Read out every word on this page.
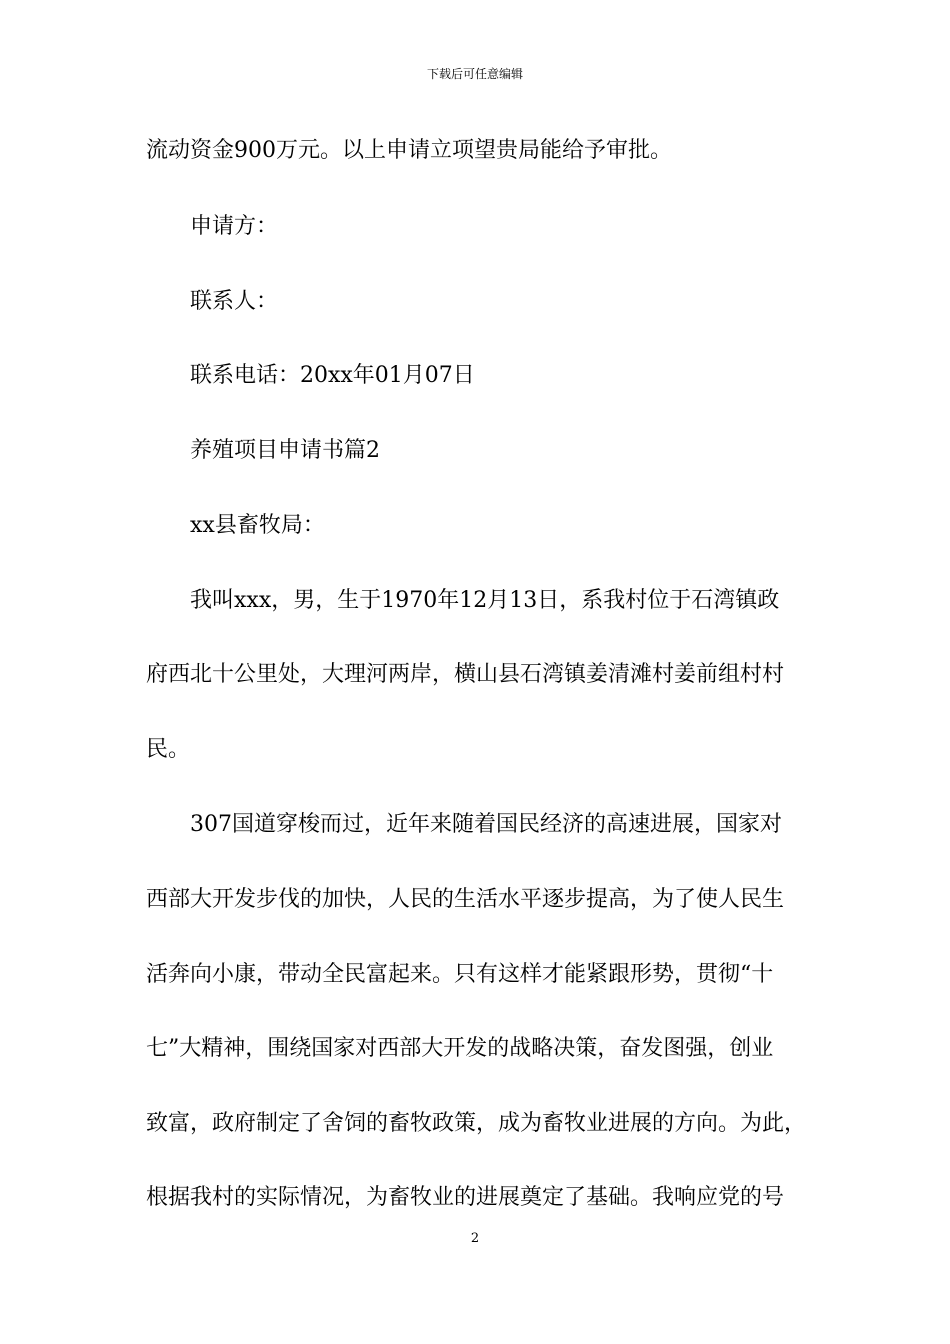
下载后可任意编辑
流动资金900万元。以上申请立项望贵局能给予审批。
申请方：
联系人：
联系电话：20xx年01月07日
养殖项目申请书篇2
xx县畜牧局：
我叫xxx，男，生于1970年12月13日，系我村位于石湾镇政
府西北十公里处，大理河两岸，横山县石湾镇姜清滩村姜前组村村
民。
307国道穿梭而过，近年来随着国民经济的高速进展，国家对
西部大开发步伐的加快，人民的生活水平逐步提高，为了使人民生
活奔向小康，带动全民富起来。只有这样才能紧跟形势，贯彻“十
七”大精神，围绕国家对西部大开发的战略决策，奋发图强，创业
致富，政府制定了舍饲的畜牧政策，成为畜牧业进展的方向。为此，
根据我村的实际情况，为畜牧业的进展奠定了基础。我响应党的号
2
